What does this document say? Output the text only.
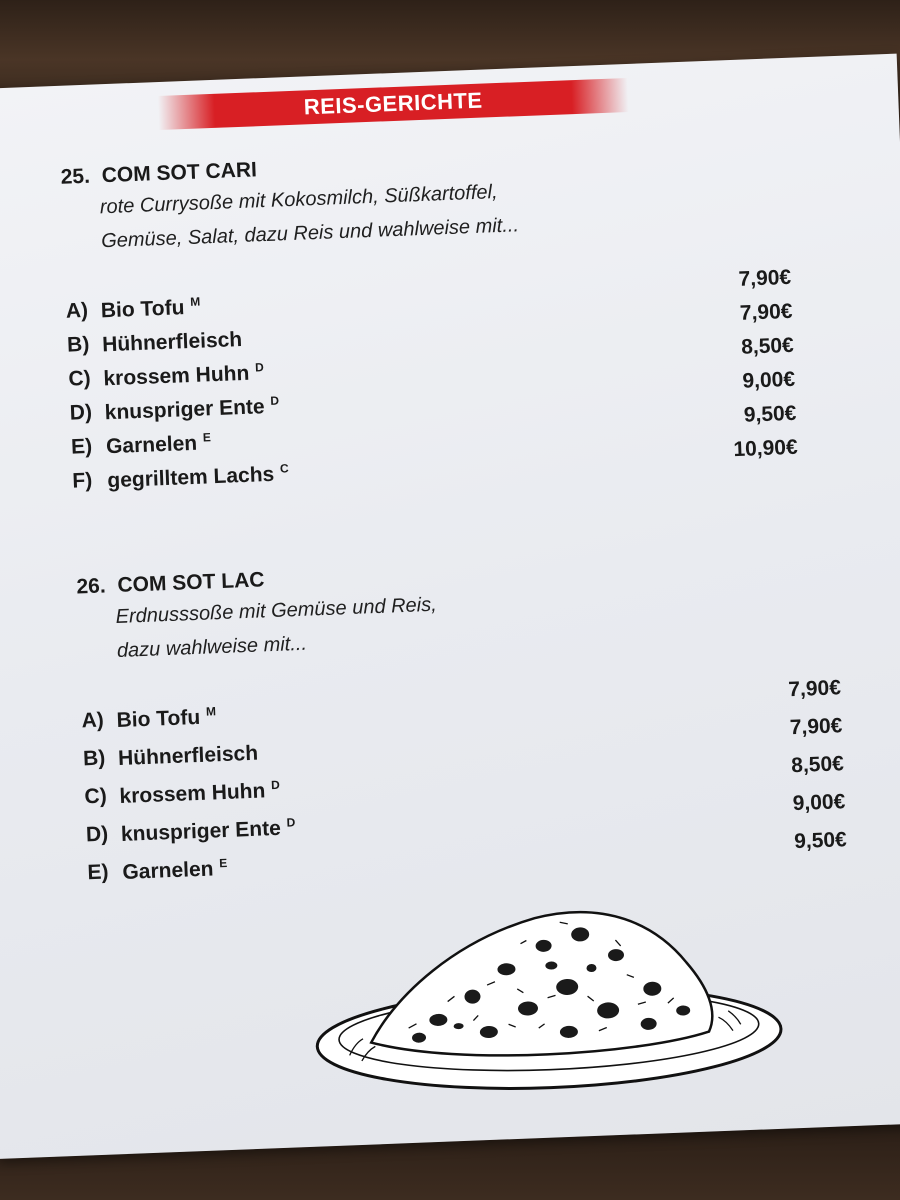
REIS-GERICHTE
25. COM SOT CARI
rote Currysoße mit Kokosmilch, Süßkartoffel,
Gemüse, Salat, dazu Reis und wahlweise mit...
A) Bio Tofu $^M$
7,90€
B) Hühnerfleisch
7,90€
C) krossem Huhn $^D$
8,50€
D) knuspriger Ente $^D$
9,00€
E) Garnelen $^E$
9,50€
F) gegrilltem Lachs $^C$
10,90€
26. COM SOT LAC
Erdnusssoße mit Gemüse und Reis,
dazu wahlweise mit...
A) Bio Tofu $^M$
7,90€
B) Hühnerfleisch
7,90€
C) krossem Huhn $^D$
8,50€
D) knuspriger Ente $^D$
9,00€
E) Garnelen $^E$
9,50€
